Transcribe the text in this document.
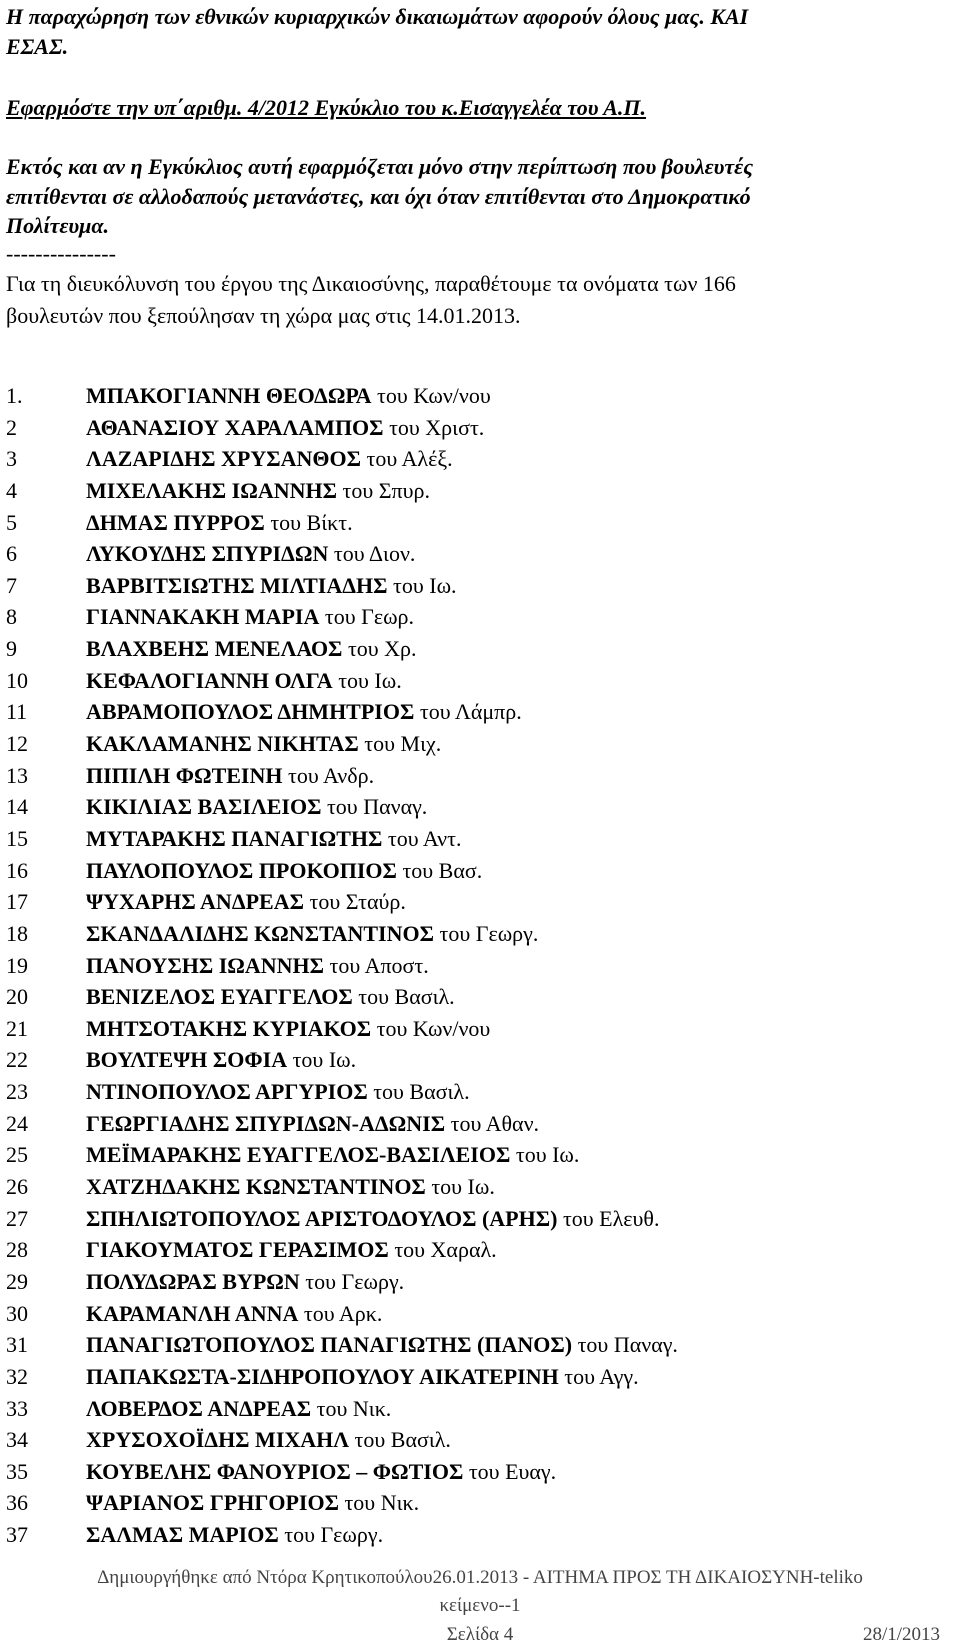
Η παραχώρηση των εθνικών κυριαρχικών δικαιωμάτων αφορούν όλους μας. ΚΑΙ

ΕΣΑΣ.

Εφαρμόστε την υπ΄αριθμ. 4/2012 Εγκύκλιο του κ.Εισαγγελέα του Α.Π.

Εκτός και αν η Εγκύκλιος αυτή εφαρμόζεται μόνο στην περίπτωση που βουλευτές

επιτίθενται σε αλλοδαπούς μετανάστες, και όχι όταν επιτίθενται στο Δημοκρατικό

Πολίτευμα.

---------------

Για τη διευκόλυνση του έργου της Δικαιοσύνης, παραθέτουμε τα ονόματα των 166

βουλευτών που ξεπούλησαν τη χώρα μας στις 14.01.2013.

1.	ΜΠΑΚΟΓΙΑΝΝΗ ΘΕΟΔΩΡΑ του Κων/νου
2	ΑΘΑΝΑΣΙΟΥ ΧΑΡΑΛΑΜΠΟΣ του Χριστ.
3	ΛΑΖΑΡΙΔΗΣ ΧΡΥΣΑΝΘΟΣ του Αλέξ.
4	ΜΙΧΕΛΑΚΗΣ ΙΩΑΝΝΗΣ του Σπυρ.
5	ΔΗΜΑΣ ΠΥΡΡΟΣ του Βίκτ.
6	ΛΥΚΟΥΔΗΣ ΣΠΥΡΙΔΩΝ του Διον.
7	ΒΑΡΒΙΤΣΙΩΤΗΣ ΜΙΛΤΙΑΔΗΣ του Ιω.
8	ΓΙΑΝΝΑΚΑΚΗ ΜΑΡΙΑ του Γεωρ.
9	ΒΛΑΧΒΕΗΣ ΜΕΝΕΛΑΟΣ του Χρ.
10	ΚΕΦΑΛΟΓΙΑΝΝΗ ΟΛΓΑ του Ιω.
11	ΑΒΡΑΜΟΠΟΥΛΟΣ ΔΗΜΗΤΡΙΟΣ του Λάμπρ.
12	ΚΑΚΛΑΜΑΝΗΣ ΝΙΚΗΤΑΣ του Μιχ.
13	ΠΙΠΙΛΗ ΦΩΤΕΙΝΗ του Ανδρ.
14	ΚΙΚΙΛΙΑΣ ΒΑΣΙΛΕΙΟΣ του Παναγ.
15	ΜΥΤΑΡΑΚΗΣ ΠΑΝΑΓΙΩΤΗΣ του Αντ.
16	ΠΑΥΛΟΠΟΥΛΟΣ ΠΡΟΚΟΠΙΟΣ του Βασ.
17	ΨΥΧΑΡΗΣ ΑΝΔΡΕΑΣ του Σταύρ.
18	ΣΚΑΝΔΑΛΙΔΗΣ ΚΩΝΣΤΑΝΤΙΝΟΣ του Γεωργ.
19	ΠΑΝΟΥΣΗΣ ΙΩΑΝΝΗΣ του Αποστ.
20	ΒΕΝΙΖΕΛΟΣ ΕΥΑΓΓΕΛΟΣ του Βασιλ.
21	ΜΗΤΣΟΤΑΚΗΣ ΚΥΡΙΑΚΟΣ του Κων/νου
22	ΒΟΥΛΤΕΨΗ ΣΟΦΙΑ του Ιω.
23	ΝΤΙΝΟΠΟΥΛΟΣ ΑΡΓΥΡΙΟΣ του Βασιλ.
24	ΓΕΩΡΓΙΑΔΗΣ ΣΠΥΡΙΔΩΝ-ΑΔΩΝΙΣ του Αθαν.
25	ΜΕΪΜΑΡΑΚΗΣ ΕΥΑΓΓΕΛΟΣ-ΒΑΣΙΛΕΙΟΣ του Ιω.
26	ΧΑΤΖΗΔΑΚΗΣ ΚΩΝΣΤΑΝΤΙΝΟΣ του Ιω.
27	ΣΠΗΛΙΩΤΟΠΟΥΛΟΣ ΑΡΙΣΤΟΔΟΥΛΟΣ (ΑΡΗΣ) του Ελευθ.
28	ΓΙΑΚΟΥΜΑΤΟΣ ΓΕΡΑΣΙΜΟΣ του Χαραλ.
29	ΠΟΛΥΔΩΡΑΣ ΒΥΡΩΝ του Γεωργ.
30	ΚΑΡΑΜΑΝΛΗ ΑΝΝΑ του Αρκ.
31	ΠΑΝΑΓΙΩΤΟΠΟΥΛΟΣ ΠΑΝΑΓΙΩΤΗΣ (ΠΑΝΟΣ) του Παναγ.
32	ΠΑΠΑΚΩΣΤΑ-ΣΙΔΗΡΟΠΟΥΛΟΥ ΑΙΚΑΤΕΡΙΝΗ του Αγγ.
33	ΛΟΒΕΡΔΟΣ ΑΝΔΡΕΑΣ του Νικ.
34	ΧΡΥΣΟΧΟΪΔΗΣ ΜΙΧΑΗΛ του Βασιλ.
35	ΚΟΥΒΕΛΗΣ ΦΑΝΟΥΡΙΟΣ – ΦΩΤΙΟΣ του Ευαγ.
36	ΨΑΡΙΑΝΟΣ ΓΡΗΓΟΡΙΟΣ του Νικ.
37	ΣΑΛΜΑΣ ΜΑΡΙΟΣ του Γεωργ.
Δημιουργήθηκε από Ντόρα Κρητικοπούλου26.01.2013 - ΑΙΤΗΜΑ ΠΡΟΣ ΤΗ ΔΙΚΑΙΟΣΥΝΗ-teliko
κείμενο--1
Σελίδα 4	28/1/2013
